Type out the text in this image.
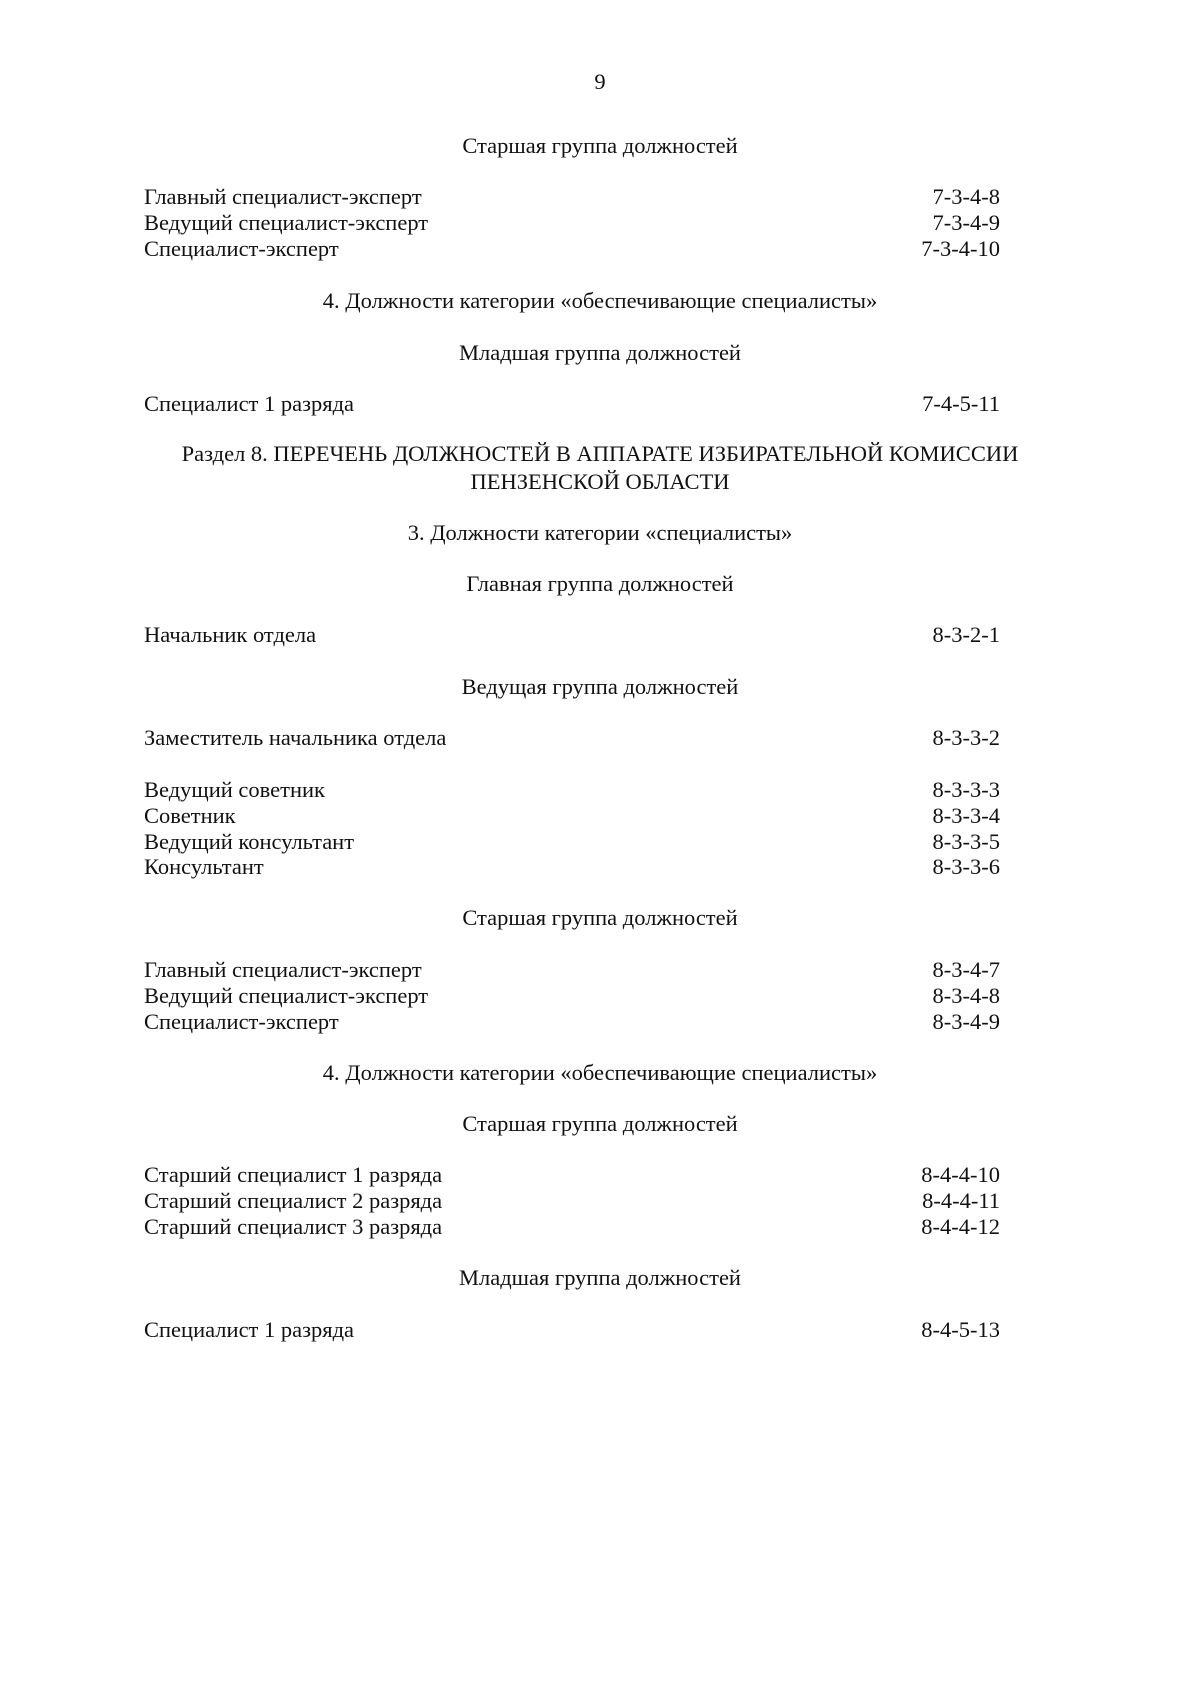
9
Старшая группа должностей
Главный специалист-эксперт	7-3-4-8
Ведущий специалист-эксперт	7-3-4-9
Специалист-эксперт	7-3-4-10
4. Должности категории «обеспечивающие специалисты»
Младшая группа должностей
Специалист 1 разряда	7-4-5-11
Раздел 8. ПЕРЕЧЕНЬ ДОЛЖНОСТЕЙ В АППАРАТЕ ИЗБИРАТЕЛЬНОЙ КОМИССИИ ПЕНЗЕНСКОЙ ОБЛАСТИ
3. Должности категории «специалисты»
Главная группа должностей
Начальник отдела	8-3-2-1
Ведущая группа должностей
Заместитель начальника отдела	8-3-3-2
Ведущий советник	8-3-3-3
Советник	8-3-3-4
Ведущий консультант	8-3-3-5
Консультант	8-3-3-6
Старшая группа должностей
Главный специалист-эксперт	8-3-4-7
Ведущий специалист-эксперт	8-3-4-8
Специалист-эксперт	8-3-4-9
4. Должности категории «обеспечивающие специалисты»
Старшая группа должностей
Старший специалист 1 разряда	8-4-4-10
Старший специалист 2 разряда	8-4-4-11
Старший специалист 3 разряда	8-4-4-12
Младшая группа должностей
Специалист 1 разряда	8-4-5-13
